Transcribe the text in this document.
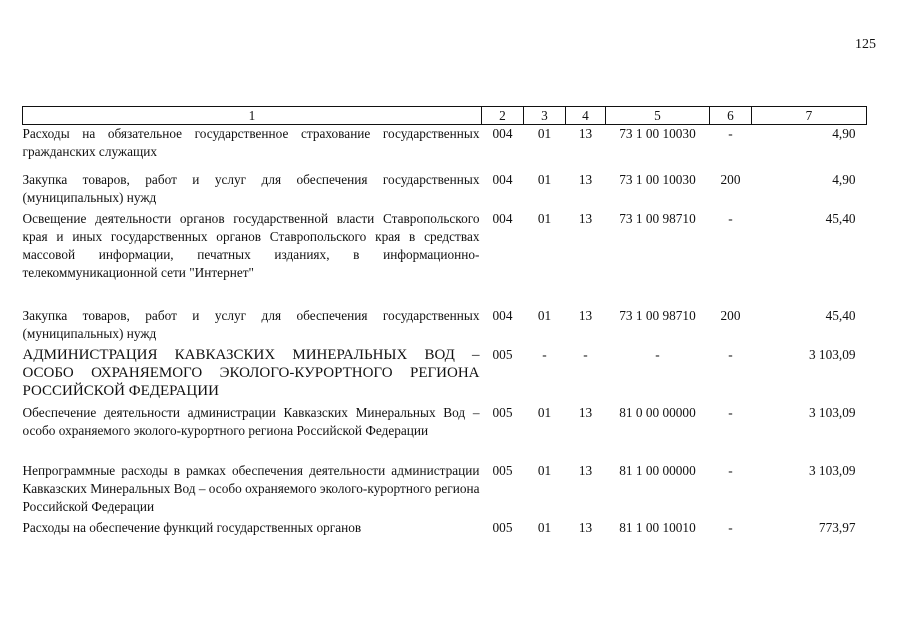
125
1	2	3	4	5	6	7
Расходы на обязательное государственное страхование государственных гражданских служащих	004	01	13	73 1 00 10030	-	4,90
Закупка товаров, работ и услуг для обеспечения государственных (муниципальных) нужд	004	01	13	73 1 00 10030	200	4,90
Освещение деятельности органов государственной власти Ставропольского края и иных государственных органов Ставропольского края в средствах массовой информации, печатных изданиях, в информационно-телекоммуникационной сети "Интернет"	004	01	13	73 1 00 98710	-	45,40
Закупка товаров, работ и услуг для обеспечения государственных (муниципальных) нужд	004	01	13	73 1 00 98710	200	45,40
АДМИНИСТРАЦИЯ КАВКАЗСКИХ МИНЕРАЛЬНЫХ ВОД – ОСОБО ОХРАНЯЕМОГО ЭКОЛОГО-КУРОРТНОГО РЕГИОНА РОССИЙСКОЙ ФЕДЕРАЦИИ	005	-	-	-	-	3 103,09
Обеспечение деятельности администрации Кавказских Минеральных Вод – особо охраняемого эколого-курортного региона Российской Федерации	005	01	13	81 0 00 00000	-	3 103,09
Непрограммные расходы в рамках обеспечения деятельности администрации Кавказских Минеральных Вод – особо охраняемого эколого-курортного региона Российской Федерации	005	01	13	81 1 00 00000	-	3 103,09
Расходы на обеспечение функций государственных органов	005	01	13	81 1 00 10010	-	773,97
